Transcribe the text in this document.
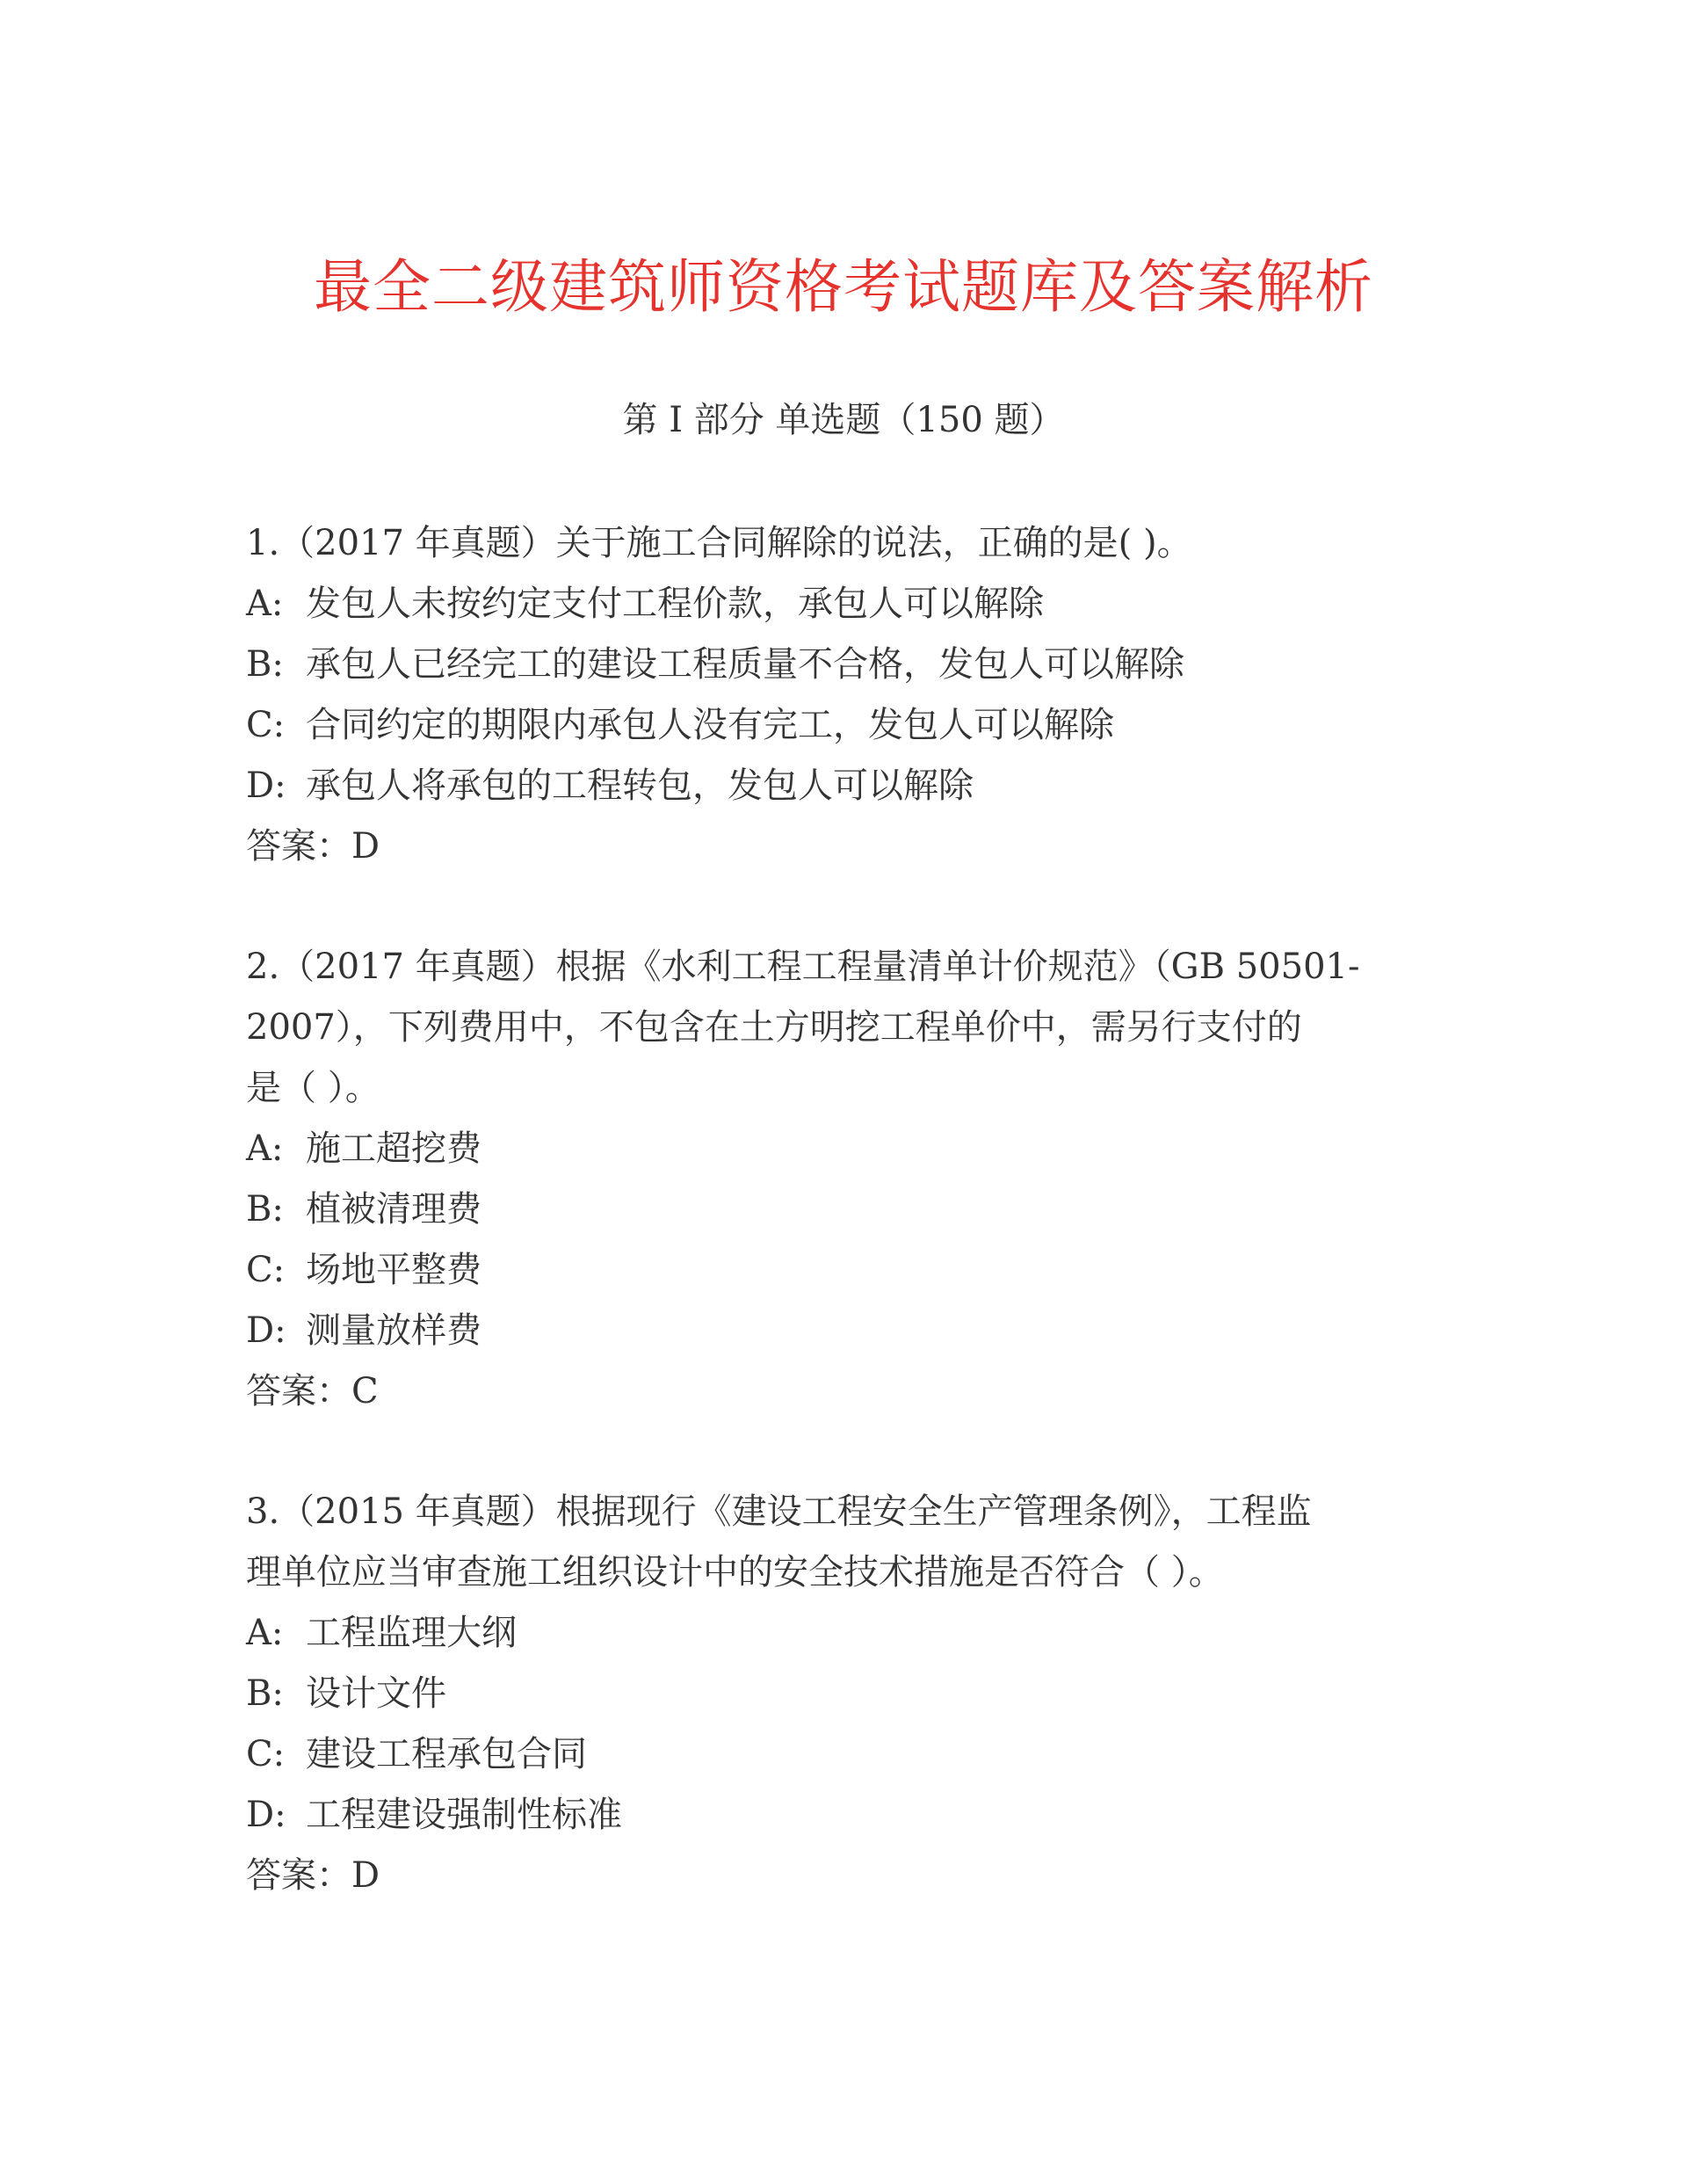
最全二级建筑师资格考试题库及答案解析
第 I 部分 单选题（150 题）
1.（2017 年真题）关于施工合同解除的说法，正确的是( )。
A: 发包人未按约定支付工程价款，承包人可以解除
B: 承包人已经完工的建设工程质量不合格，发包人可以解除
C: 合同约定的期限内承包人没有完工，发包人可以解除
D: 承包人将承包的工程转包，发包人可以解除
答案：D
2.（2017 年真题）根据《水利工程工程量清单计价规范》（GB 50501-
2007），下列费用中，不包含在土方明挖工程单价中，需另行支付的
是（ ）。
A: 施工超挖费
B: 植被清理费
C: 场地平整费
D: 测量放样费
答案：C
3.（2015 年真题）根据现行《建设工程安全生产管理条例》，工程监
理单位应当审查施工组织设计中的安全技术措施是否符合（ ）。
A: 工程监理大纲
B: 设计文件
C: 建设工程承包合同
D: 工程建设强制性标准
答案：D
